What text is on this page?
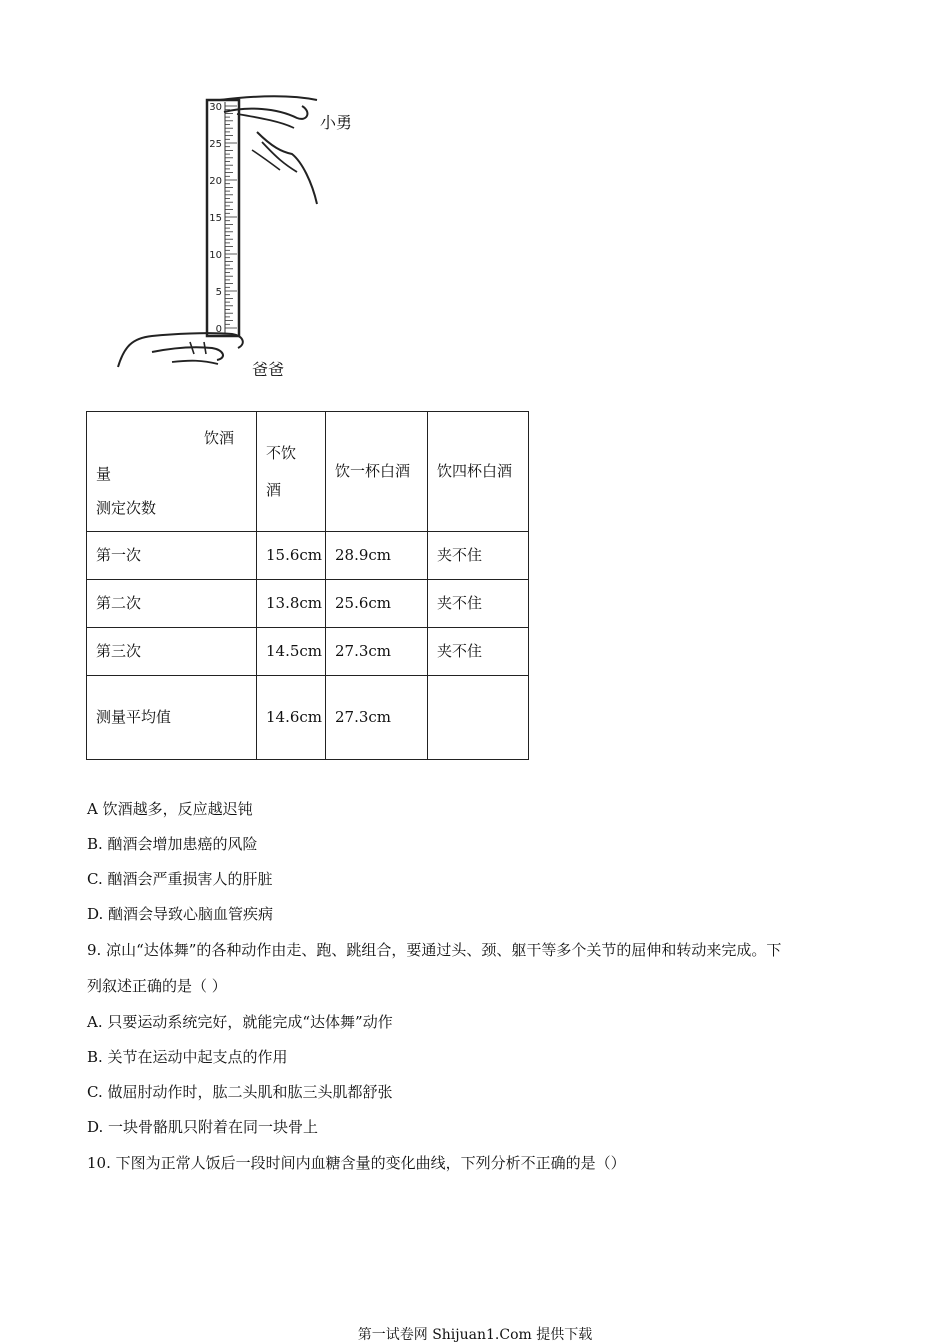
30
25
20
15
10
5
0
小勇
爸爸
饮酒
量
测定次数	不饮酒	饮一杯白酒	饮四杯白酒

第一次	15.6cm	28.9cm	夹不住
第二次	13.8cm	25.6cm	夹不住
第三次	14.5cm	27.3cm	夹不住
测量平均值	14.6cm	27.3cm	
A 饮酒越多，反应越迟钝
B. 酗酒会增加患癌的风险
C. 酗酒会严重损害人的肝脏
D. 酗酒会导致心脑血管疾病
9. 凉山“达体舞”的各种动作由走、跑、跳组合，要通过头、颈、躯干等多个关节的屈伸和转动来完成。下
列叙述正确的是（ ）
A. 只要运动系统完好，就能完成“达体舞”动作
B. 关节在运动中起支点的作用
C. 做屈肘动作时，肱二头肌和肱三头肌都舒张
D. 一块骨骼肌只附着在同一块骨上
10. 下图为正常人饭后一段时间内血糖含量的变化曲线，下列分析不正确的是（）
第一试卷网 Shijuan1.Com 提供下载
